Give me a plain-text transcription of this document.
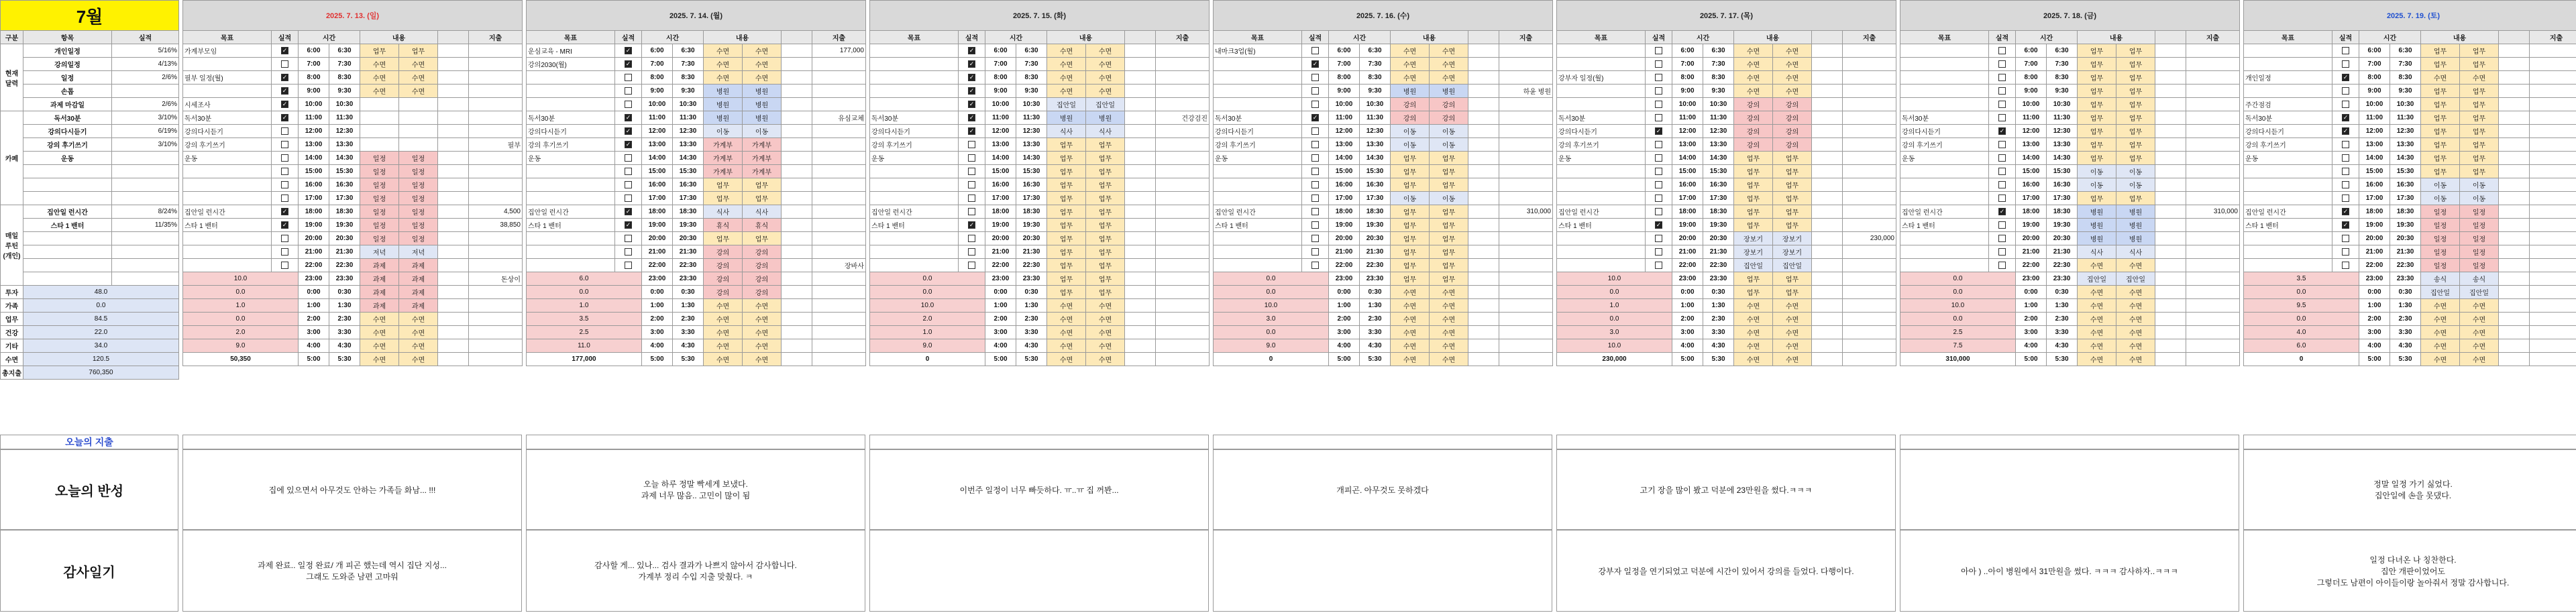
7월		
구분	항목	실적
현재
달력	개인일정	5/16%
	강의일정	4/13%
	일정	2/6%
	손톱	
	과제 마감일	2/6%
카페	독서30분	3/10%
	강의다시듣기	6/19%
	강의 후기쓰기	3/10%
	운동	

매일
루틴
(개인)	집안일 런시간	8/24%
	스타 1 밴터	11/35%

투자	48.0	
가족	0.0	
업무	84.5	
건강	22.0	
기타	34.0	
수면	120.5	
총지출	760,350	
오늘의 지출
오늘의 반성
감사일기
2025. 7. 13. (일)							
목표	실적	시간		내용			지출
가계부모임	✓	6:00	6:30	업무	업무		
		7:00	7:30	수면	수면		
필부 일정(월)	✓	8:00	8:30	수면	수면		
	✓	9:00	9:30	수면	수면		
시세조사	✓	10:00	10:30				
독서30분	✓	11:00	11:30				
강의다시듣기		12:00	12:30				
강의 후기쓰기		13:00	13:30				필부
운동		14:00	14:30	일정	일정		
		15:00	15:30	일정	일정		
		16:00	16:30	일정	일정		
		17:00	17:30	일정	일정		
집안일 런시간	✓	18:00	18:30	일정	일정		4,500
스타 1 밴터	✓	19:00	19:30	일정	일정		38,850
		20:00	20:30	일정	일정		
		21:00	21:30	저녁	저녁		
		22:00	22:30	과제	과제		
10.0		23:00	23:30	과제	과제		돈상이
0.0		0:00	0:30	과제	과제		
1.0		1:00	1:30	과제	과제		
0.0		2:00	2:30	수면	수면		
2.0		3:00	3:30	수면	수면		
9.0		4:00	4:30	수면	수면		
50,350		5:00	5:30	수면	수면		
집에 있으면서 아무것도 안하는 가족들 화남... !!!
과제 완료.. 일정 완료/ 개 피곤 했는데 역시 집단 지성...
그래도 도와준 남편 고마워
2025. 7. 14. (월)							
목표	실적	시간		내용			지출
운심교육 - MRI	✓	6:00	6:30	수면	수면		177,000
강의2030(월)	✓	7:00	7:30	수면	수면		
		8:00	8:30	수면	수면		
		9:00	9:30	병원	병원		
		10:00	10:30	병원	병원		
독서30분	✓	11:00	11:30	병원	병원		유심교체
강의다시듣기	✓	12:00	12:30	이동	이동		
강의 후기쓰기	✓	13:00	13:30	가계부	가계부		
운동		14:00	14:30	가계부	가계부		
		15:00	15:30	가계부	가계부		
		16:00	16:30	업무	업무		
		17:00	17:30	업무	업무		
집안일 런시간	✓	18:00	18:30	식사	식사		
스타 1 밴터	✓	19:00	19:30	휴식	휴식		
		20:00	20:30	업무	업무		
		21:00	21:30	강의	강의		
		22:00	22:30	강의	강의		장바사
6.0		23:00	23:30	강의	강의		
0.0		0:00	0:30	강의	강의		
1.0		1:00	1:30	수면	수면		
3.5		2:00	2:30	수면	수면		
2.5		3:00	3:30	수면	수면		
11.0		4:00	4:30	수면	수면		
177,000		5:00	5:30	수면	수면		
오늘 하루 정말 빡세게 보냈다.
과제 너무 많음.. 고민이 많이 됨
감사할 게... 있나... 검사 결과가 나쁘지 않아서 감사합니다.
가계부 정리 수입 지출 맞췄다. ㅋ
2025. 7. 15. (화)							
목표	실적	시간		내용			지출
	✓	6:00	6:30	수면	수면		
	✓	7:00	7:30	수면	수면		
	✓	8:00	8:30	수면	수면		
	✓	9:00	9:30	수면	수면		
	✓	10:00	10:30	집안일	집안일		
독서30분	✓	11:00	11:30	병원	병원		건강검진
강의다시듣기	✓	12:00	12:30	식사	식사		
강의 후기쓰기		13:00	13:30	업무	업무		
운동		14:00	14:30	업무	업무		
		15:00	15:30	업무	업무		
		16:00	16:30	업무	업무		
		17:00	17:30	업무	업무		
집안일 런시간		18:00	18:30	업무	업무		
스타 1 밴터	✓	19:00	19:30	업무	업무		
		20:00	20:30	업무	업무		
		21:00	21:30	업무	업무		
		22:00	22:30	업무	업무		
0.0		23:00	23:30	업무	업무		
0.0		0:00	0:30	업무	업무		
10.0		1:00	1:30	수면	수면		
2.0		2:00	2:30	수면	수면		
1.0		3:00	3:30	수면	수면		
9.0		4:00	4:30	수면	수면		
0		5:00	5:30	수면	수면		
이번주 일정이 너무 빠듯하다. ㅠ..ㅠ 집 꺼봔...
2025. 7. 16. (수)							
목표	실적	시간		내용			지출
내마크3업(월)		6:00	6:30	수면	수면		
	✓	7:00	7:30	수면	수면		
		8:00	8:30	수면	수면		
		9:00	9:30	병원	병원		하윤 병원
		10:00	10:30	강의	강의		
독서30분	✓	11:00	11:30	강의	강의		
강의다시듣기		12:00	12:30	이동	이동		
강의 후기쓰기		13:00	13:30	이동	이동		
운동		14:00	14:30	업무	업무		
		15:00	15:30	업무	업무		
		16:00	16:30	업무	업무		
		17:00	17:30	이동	이동		
집안일 런시간		18:00	18:30	업무	업무		310,000
스타 1 밴터		19:00	19:30	업무	업무		
		20:00	20:30	업무	업무		
		21:00	21:30	업무	업무		
		22:00	22:30	업무	업무		
0.0		23:00	23:30	업무	업무		
0.0		0:00	0:30	수면	수면		
10.0		1:00	1:30	수면	수면		
3.0		2:00	2:30	수면	수면		
0.0		3:00	3:30	수면	수면		
9.0		4:00	4:30	수면	수면		
0		5:00	5:30	수면	수면		
개피곤. 아무것도 못하겠다
2025. 7. 17. (목)							
목표	실적	시간		내용			지출
		6:00	6:30	수면	수면		
		7:00	7:30	수면	수면		
강부자 일정(월)		8:00	8:30	수면	수면		
		9:00	9:30	수면	수면		
		10:00	10:30	강의	강의		
독서30분		11:00	11:30	강의	강의		
강의다시듣기	✓	12:00	12:30	강의	강의		
강의 후기쓰기		13:00	13:30	강의	강의		
운동		14:00	14:30	업무	업무		
		15:00	15:30	업무	업무		
		16:00	16:30	업무	업무		
		17:00	17:30	업무	업무		
집안일 런시간		18:00	18:30	업무	업무		
스타 1 밴터	✓	19:00	19:30	업무	업무		
		20:00	20:30	장보기	장보기		230,000
		21:00	21:30	장보기	장보기		
		22:00	22:30	집안일	집안일		
10.0		23:00	23:30	업무	업무		
0.0		0:00	0:30	업무	업무		
1.0		1:00	1:30	수면	수면		
0.0		2:00	2:30	수면	수면		
3.0		3:00	3:30	수면	수면		
10.0		4:00	4:30	수면	수면		
230,000		5:00	5:30	수면	수면		
고기 장을 많이 봤고 덕분에 23만원을 썼다.ㅋㅋㅋ
강부자 일정을 연기되었고 덕분에 시간이 있어서 강의를 들었다. 다행이다.
2025. 7. 18. (금)							
목표	실적	시간		내용			지출
		6:00	6:30	업무	업무		
		7:00	7:30	업무	업무		
		8:00	8:30	업무	업무		
		9:00	9:30	업무	업무		
		10:00	10:30	업무	업무		
독서30분		11:00	11:30	업무	업무		
강의다시듣기	✓	12:00	12:30	업무	업무		
강의 후기쓰기		13:00	13:30	업무	업무		
운동		14:00	14:30	업무	업무		
		15:00	15:30	이동	이동		
		16:00	16:30	이동	이동		
		17:00	17:30	업무	업무		
집안일 런시간	✓	18:00	18:30	병원	병원		310,000
스타 1 밴터		19:00	19:30	병원	병원		
		20:00	20:30	병원	병원		
		21:00	21:30	식사	식사		
		22:00	22:30	수면	수면		
0.0		23:00	23:30	집안일	집안일		
0.0		0:00	0:30	수면	수면		
10.0		1:00	1:30	수면	수면		
0.0		2:00	2:30	수면	수면		
2.5		3:00	3:30	수면	수면		
7.5		4:00	4:30	수면	수면		
310,000		5:00	5:30	수면	수면		
아아 ) ..아이 병원에서 31만원을 썼다. ㅋㅋㅋ 감사하자..ㅋㅋㅋ
2025. 7. 19. (토)							
목표	실적	시간		내용			지출
		6:00	6:30	업무	업무		
		7:00	7:30	업무	업무		
개인일정	✓	8:00	8:30	수면	수면		
		9:00	9:30	업무	업무		
주간점검		10:00	10:30	업무	업무		
독서30분	✓	11:00	11:30	업무	업무		
강의다시듣기	✓	12:00	12:30	업무	업무		
강의 후기쓰기		13:00	13:30	업무	업무		
운동		14:00	14:30	업무	업무		
		15:00	15:30	업무	업무		
		16:00	16:30	이동	이동		
		17:00	17:30	이동	이동		
집안일 런시간	✓	18:00	18:30	일정	일정		
스타 1 밴터	✓	19:00	19:30	일정	일정		
		20:00	20:30	일정	일정		
		21:00	21:30	일정	일정		
		22:00	22:30	일정	일정		
3.5		23:00	23:30	송식	송식		
0.0		0:00	0:30	집안일	집안일		
9.5		1:00	1:30	수면	수면		
0.0		2:00	2:30	수면	수면		
4.0		3:00	3:30	수면	수면		
6.0		4:00	4:30	수면	수면		
0		5:00	5:30	수면	수면		
정말 일정 가기 싫었다.
집안일에 손을 못댔다.
일정 다녀온 나 칭찬한다.
집안 개판이었어도
그렇더도 남편이 아이들이랑 놀아줘서 정말 감사합니다.
